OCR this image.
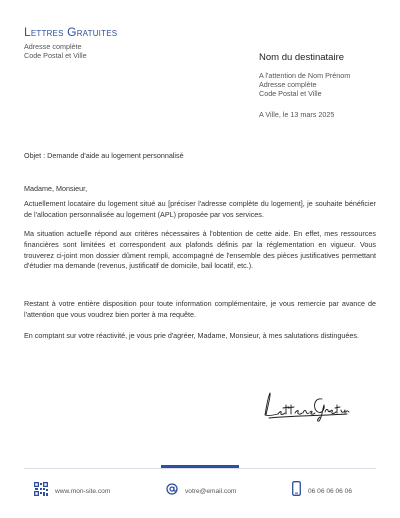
Lettres Gratuites
Adresse complète
Code Postal et Ville	Nom du destinataire
A l'attention de Nom Prénom
Adresse complète
Code Postal et Ville
A Ville, le 13 mars 2025
Objet : Demande d'aide au logement personnalisé

Madame, Monsieur,

Actuellement locataire du logement situé au [préciser l'adresse complète du logement], je souhaite bénéficier de l'allocation personnalisée au logement (APL) proposée par vos services.

Ma situation actuelle répond aux critères nécessaires à l'obtention de cette aide. En effet, mes ressources financières sont limitées et correspondent aux plafonds définis par la réglementation en vigueur. Vous trouverez ci-joint mon dossier dûment rempli, accompagné de l'ensemble des pièces justificatives permettant d'étudier ma demande (revenus, justificatif de domicile, bail locatif, etc.).

Restant à votre entière disposition pour toute information complémentaire, je vous remercie par avance de l'attention que vous voudrez bien porter à ma requête.

En comptant sur votre réactivité, je vous prie d'agréer, Madame, Monsieur, à mes salutations distinguées.

www.mon-site.com	votre@email.com	06 06 06 06 06
